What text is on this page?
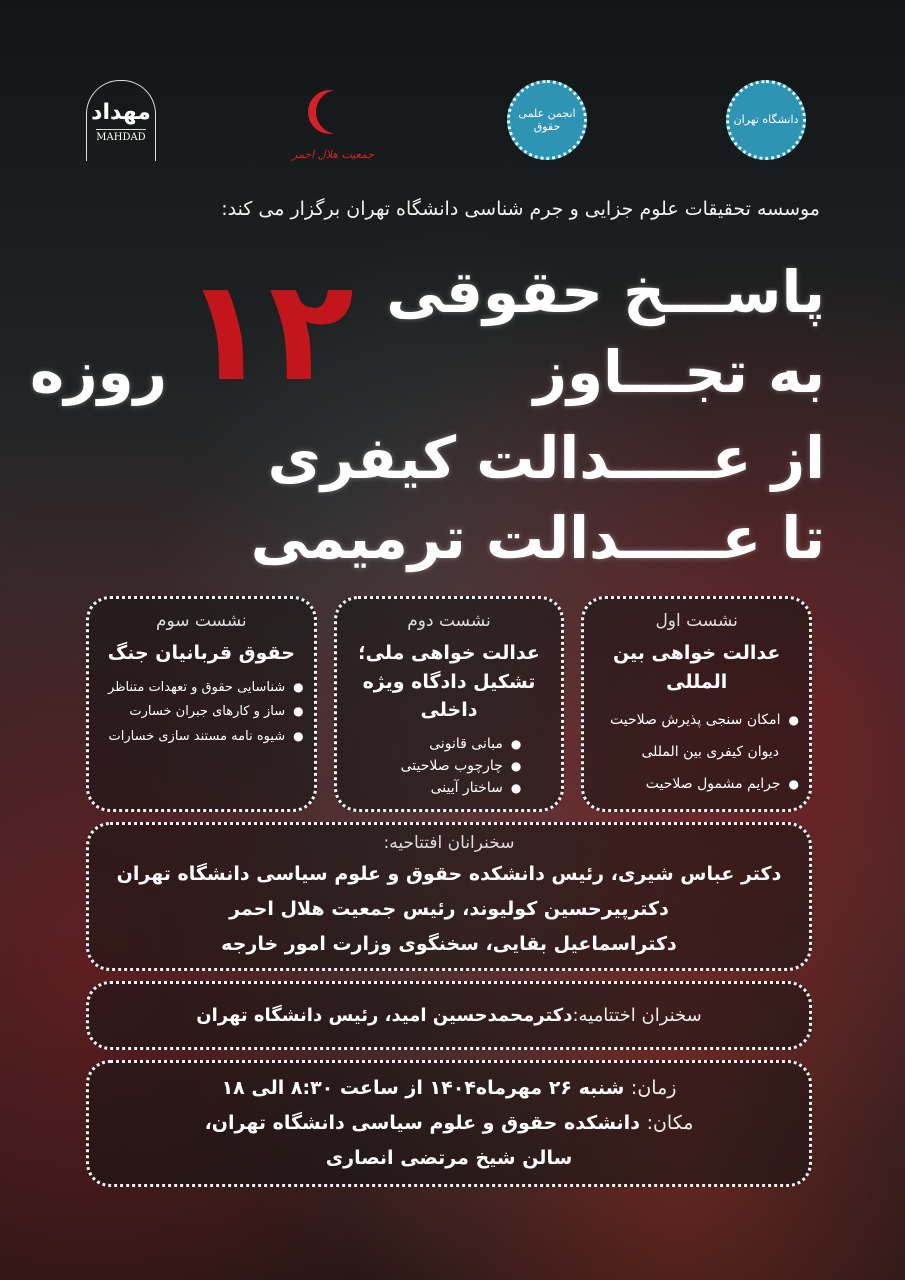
دانشگاه تهران
انجمن علمی حقوق
جمعیت هلال احمر
مهداد
MAHDAD
موسسه تحقیقات علوم جزایی و جرم شناسی دانشگاه تهران برگزار می کند:
روزه ۱۲ پاســـخ حقوقی
به تجـــاوز
از عـــــدالت کیفری
تا عـــــدالت ترمیمی
نشست اول
عدالت خواهی بین المللی
● امکان سنجی پذیرش صلاحیت
دیوان کیفری بین المللی
● جرایم مشمول صلاحیت
نشست دوم
عدالت خواهی ملی؛ تشکیل دادگاه ویژه داخلی
● مبانی قانونی
● چارچوب صلاحیتی
● ساختار آیینی
نشست سوم
حقوق قربانیان جنگ
● شناسایی حقوق و تعهدات متناظر
● ساز و کارهای جبران خسارت
● شیوه نامه مستند سازی خسارات
سخنرانان افتتاحیه:
دکتر عباس شیری، رئیس دانشکده حقوق و علوم سیاسی دانشگاه تهران
دکترپیرحسین کولیوند، رئیس جمعیت هلال احمر
دکتراسماعیل بقایی، سخنگوی وزارت امور خارجه
سخنران اختتامیه:دکترمحمدحسین امید، رئیس دانشگاه تهران
زمان: شنبه ۲۶ مهرماه۱۴۰۴ از ساعت ۸:۳۰ الی ۱۸
مکان: دانشکده حقوق و علوم سیاسی دانشگاه تهران،
سالن شیخ مرتضی انصاری
